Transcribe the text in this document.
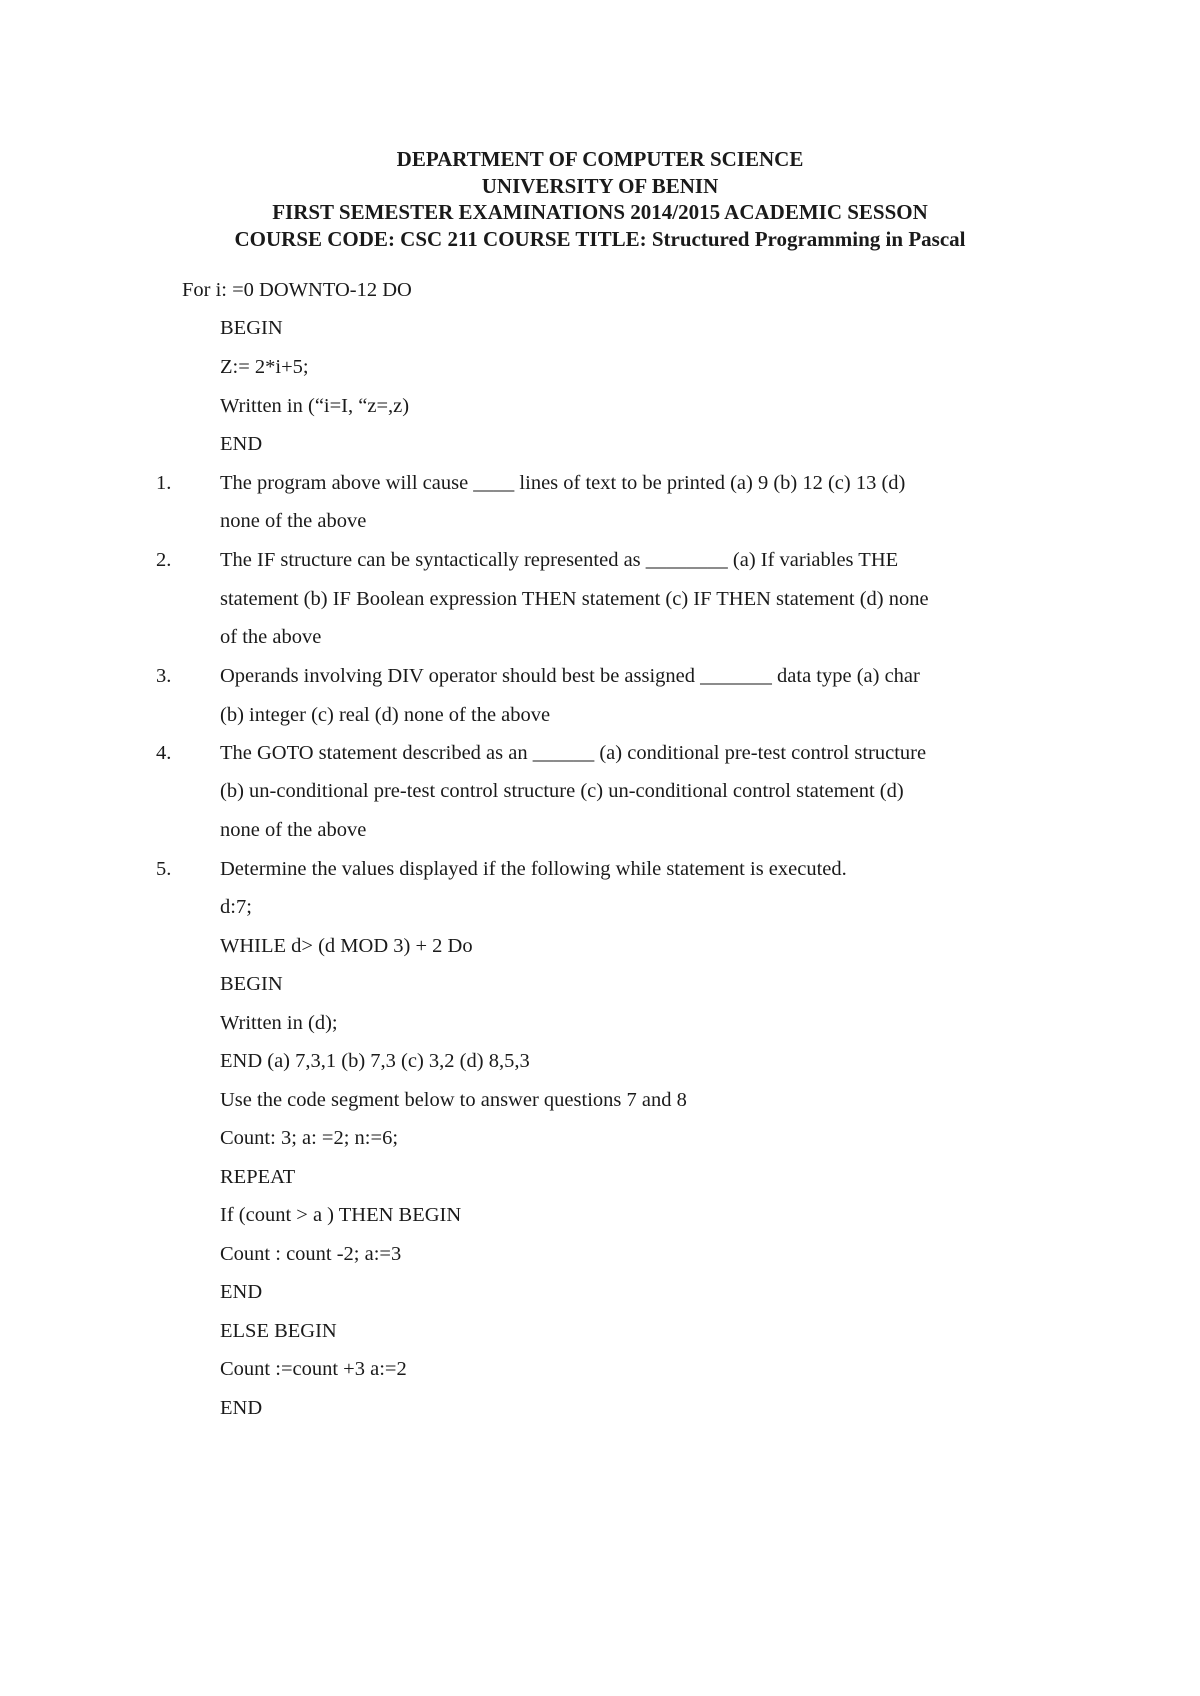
DEPARTMENT OF COMPUTER SCIENCE
UNIVERSITY OF BENIN
FIRST SEMESTER EXAMINATIONS 2014/2015 ACADEMIC SESSON
COURSE CODE: CSC 211 COURSE TITLE: Structured Programming in Pascal
For i: =0 DOWNTO-12 DO
BEGIN
Z:= 2*i+5;
Written in (“i=I, “z=,z)
END
1. The program above will cause ____ lines of text to be printed (a) 9 (b) 12 (c) 13 (d)
none of the above
2. The IF structure can be syntactically represented as ________ (a) If variables THE
statement (b) IF Boolean expression THEN statement (c) IF THEN statement (d) none
of the above
3. Operands involving DIV operator should best be assigned _______ data type (a) char
(b) integer (c) real (d) none of the above
4. The GOTO statement described as an ______ (a) conditional pre-test control structure
(b) un-conditional pre-test control structure (c) un-conditional control statement (d)
none of the above
5. Determine the values displayed if the following while statement is executed.
d:7;
WHILE d> (d MOD 3) + 2 Do
BEGIN
Written in (d);
END (a) 7,3,1 (b) 7,3 (c) 3,2 (d) 8,5,3
Use the code segment below to answer questions 7 and 8
Count: 3; a: =2; n:=6;
REPEAT
If (count > a ) THEN BEGIN
Count : count -2; a:=3
END
ELSE BEGIN
Count :=count +3 a:=2
END
